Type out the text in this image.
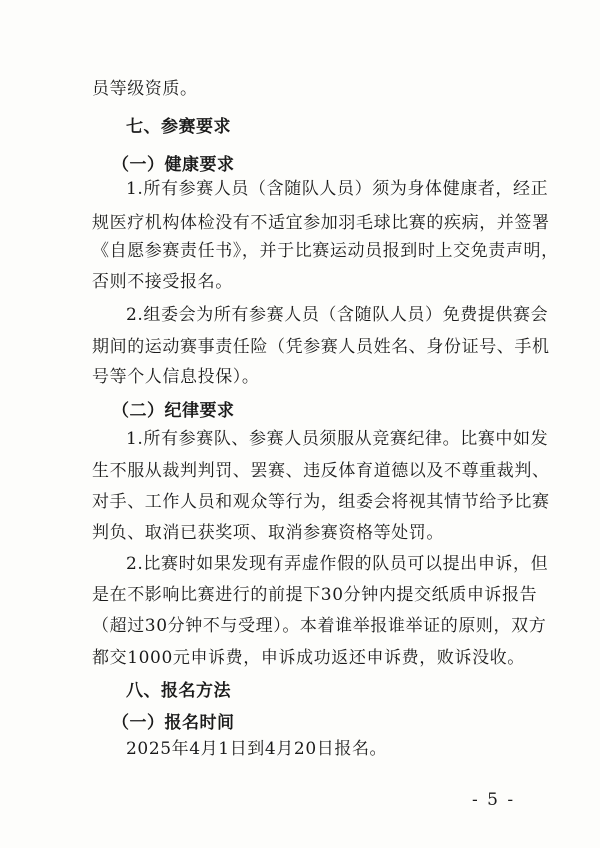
员等级资质。
七、参赛要求
（一）健康要求
1.所有参赛人员（含随队人员）须为身体健康者，经正
规医疗机构体检没有不适宜参加羽毛球比赛的疾病，并签署
《自愿参赛责任书》，并于比赛运动员报到时上交免责声明，
否则不接受报名。
2.组委会为所有参赛人员（含随队人员）免费提供赛会
期间的运动赛事责任险（凭参赛人员姓名、身份证号、手机
号等个人信息投保）。
（二）纪律要求
1.所有参赛队、参赛人员须服从竞赛纪律。比赛中如发
生不服从裁判判罚、罢赛、违反体育道德以及不尊重裁判、
对手、工作人员和观众等行为，组委会将视其情节给予比赛
判负、取消已获奖项、取消参赛资格等处罚。
2.比赛时如果发现有弄虚作假的队员可以提出申诉，但
是在不影响比赛进行的前提下30分钟内提交纸质申诉报告
（超过30分钟不与受理）。本着谁举报谁举证的原则，双方
都交1000元申诉费，申诉成功返还申诉费，败诉没收。
八、报名方法
（一）报名时间
2025年4月1日到4月20日报名。
- 5 -
